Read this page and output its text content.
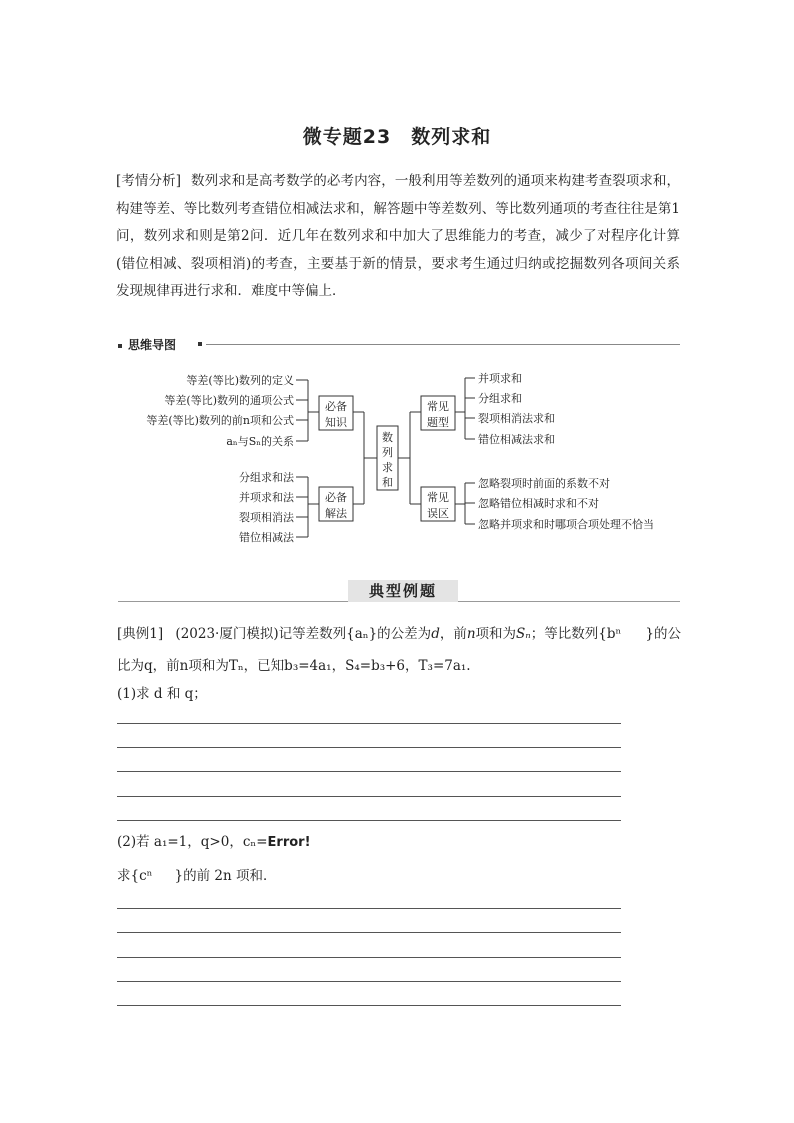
微专题23　数列求和
[考情分析] 数列求和是高考数学的必考内容，一般利用等差数列的通项来构建考查裂项求和，构建等差、等比数列考查错位相减法求和，解答题中等差数列、等比数列通项的考查往往是第1问，数列求和则是第2问．近几年在数列求和中加大了思维能力的考查，减少了对程序化计算(错位相减、裂项相消)的考查，主要基于新的情景，要求考生通过归纳或挖掘数列各项间关系发现规律再进行求和．难度中等偏上．
思维导图
等差(等比)数列的定义
等差(等比)数列的通项公式
等差(等比)数列的前n项和公式
aₙ与Sₙ的关系
分组求和法
并项求和法
裂项相消法
错位相减法
并项求和
分组求和
裂项相消法求和
错位相减法求和
忽略裂项时前面的系数不对
忽略错位相减时求和不对
忽略并项求和时哪项合项处理不恰当
必备
知识
必备
解法
常见
题型
常见
误区
数
列
求
和
典型例题
[典例1] (2023·厦门模拟)记等差数列{aₙ}的公差为d，前n项和为Sₙ；等比数列{bⁿ }的公
比为q，前n项和为Tₙ，已知b₃=4a₁，S₄=b₃+6，T₃=7a₁.
(1)求 d 和 q；
(2)若 a₁=1，q>0，cₙ=Error!
求{cⁿ }的前 2n 项和．
